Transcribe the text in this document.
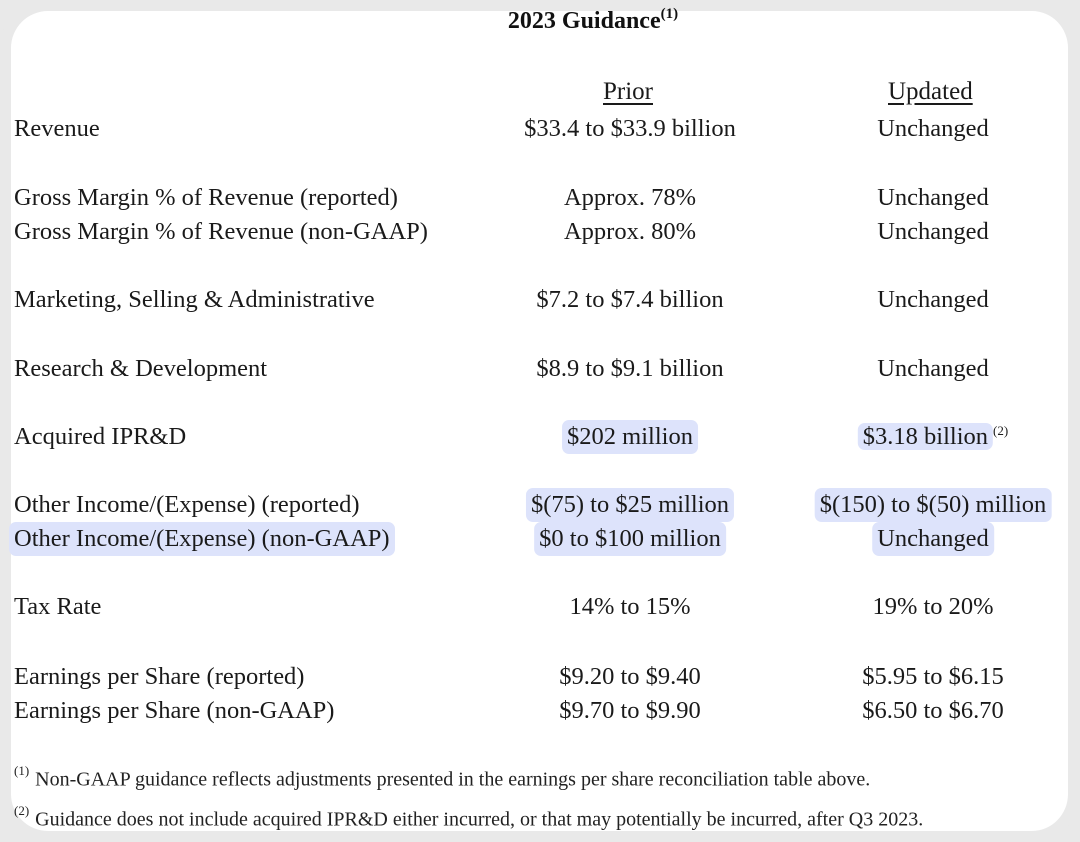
2023 Guidance$^{(1)}$
Prior	Updated
Revenue	$33.4 to $33.9 billion	Unchanged
Gross Margin % of Revenue (reported)	Approx. 78%	Unchanged
Gross Margin % of Revenue (non-GAAP)	Approx. 80%	Unchanged
Marketing, Selling & Administrative	$7.2 to $7.4 billion	Unchanged
Research & Development	$8.9 to $9.1 billion	Unchanged
Acquired IPR&D	$202 million	$3.18 billion $^{(2)}$
Other Income/(Expense) (reported)	$(75) to $25 million	$(150) to $(50) million
Other Income/(Expense) (non-GAAP)	$0 to $100 million	Unchanged
Tax Rate	14% to 15%	19% to 20%
Earnings per Share (reported)	$9.20 to $9.40	$5.95 to $6.15
Earnings per Share (non-GAAP)	$9.70 to $9.90	$6.50 to $6.70
$^{(1)}$ Non-GAAP guidance reflects adjustments presented in the earnings per share reconciliation table above.
$^{(2)}$ Guidance does not include acquired IPR&D either incurred, or that may potentially be incurred, after Q3 2023.
